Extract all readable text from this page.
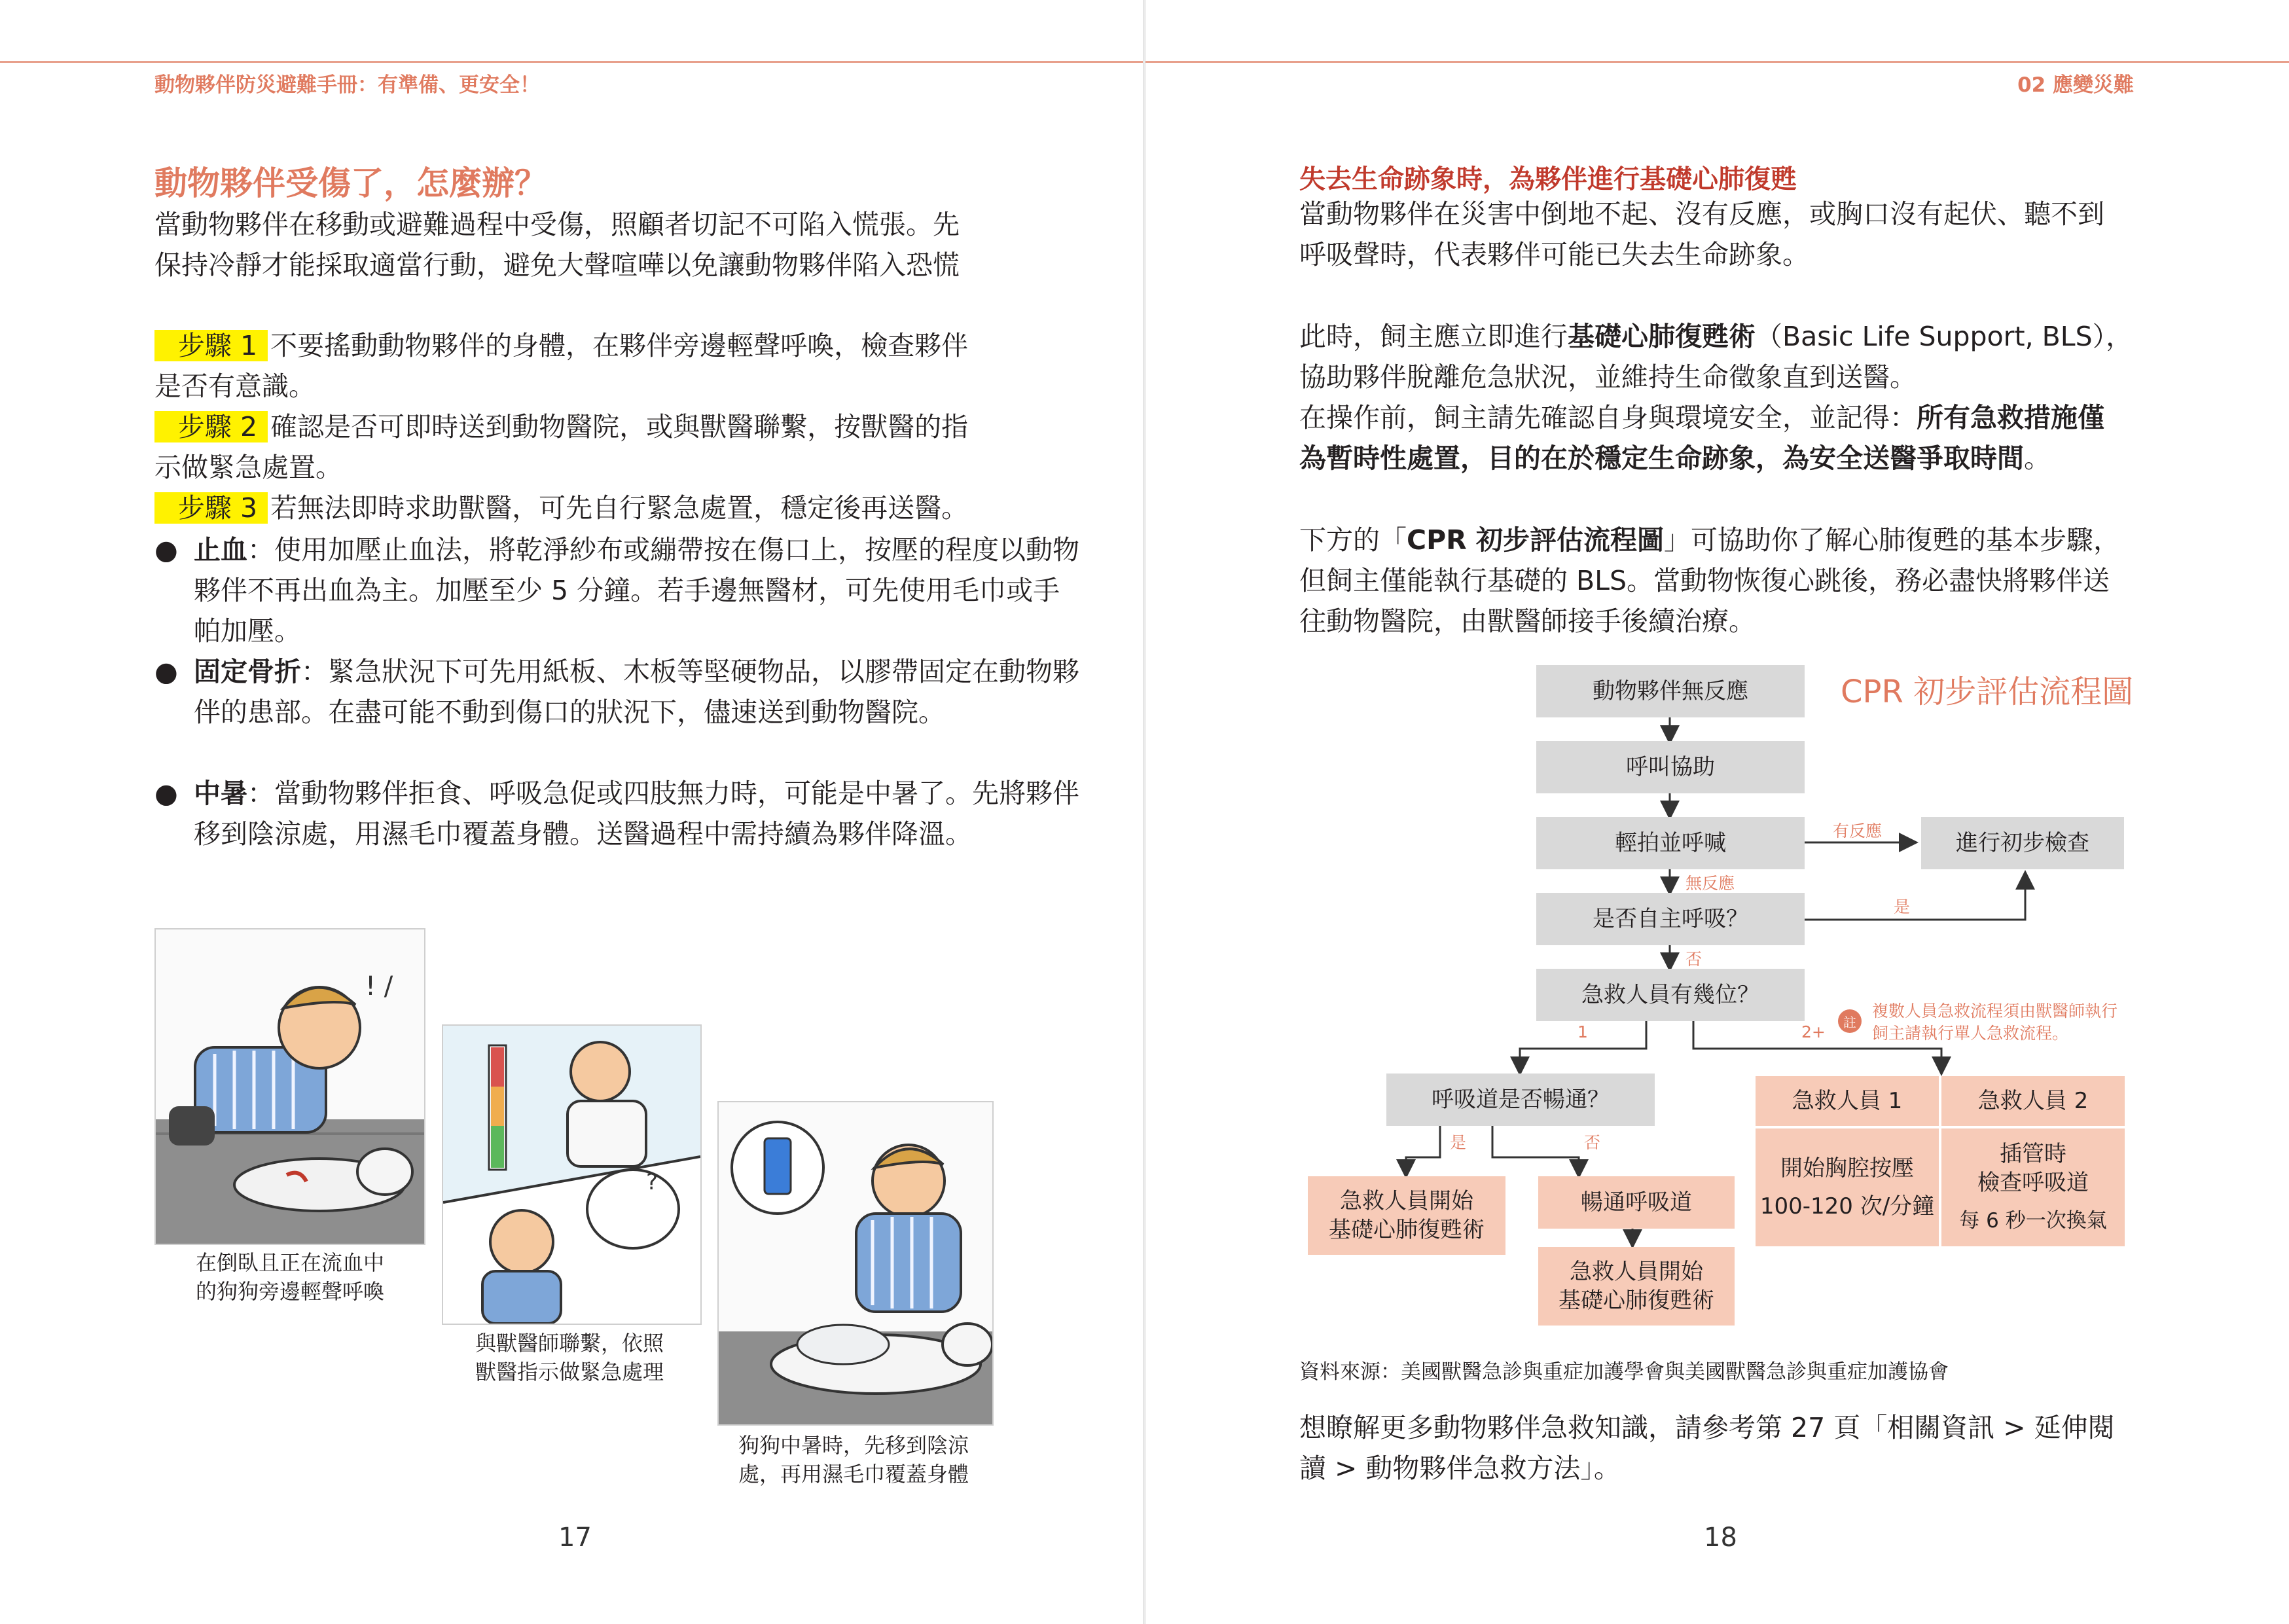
動物夥伴防災避難手冊：有準備、更安全！	02 應變災難
動物夥伴受傷了，怎麼辦？
當動物夥伴在移動或避難過程中受傷，照顧者切記不可陷入慌張。先
保持冷靜才能採取適當行動，避免大聲喧嘩以免讓動物夥伴陷入恐慌
步驟 1 不要搖動動物夥伴的身體，在夥伴旁邊輕聲呼喚，檢查夥伴
是否有意識。
步驟 2 確認是否可即時送到動物醫院，或與獸醫聯繫，按獸醫的指
示做緊急處置。
步驟 3 若無法即時求助獸醫，可先自行緊急處置，穩定後再送醫。
● 止血：使用加壓止血法，將乾淨紗布或繃帶按在傷口上，按壓的程度以動物夥伴不再出血為主。加壓至少 5 分鐘。若手邊無醫材，可先使用毛巾或手帕加壓。
● 固定骨折：緊急狀況下可先用紙板、木板等堅硬物品，以膠帶固定在動物夥伴的患部。在盡可能不動到傷口的狀況下，儘速送到動物醫院。
● 中暑：當動物夥伴拒食、呼吸急促或四肢無力時，可能是中暑了。先將夥伴移到陰涼處，用濕毛巾覆蓋身體。送醫過程中需持續為夥伴降溫。
! /
在倒臥且正在流血中
的狗狗旁邊輕聲呼喚
?
與獸醫師聯繫，依照
獸醫指示做緊急處理
狗狗中暑時，先移到陰涼
處，再用濕毛巾覆蓋身體
17
失去生命跡象時，為夥伴進行基礎心肺復甦
當動物夥伴在災害中倒地不起、沒有反應，或胸口沒有起伏、聽不到
呼吸聲時，代表夥伴可能已失去生命跡象。
此時，飼主應立即進行基礎心肺復甦術（Basic Life Support, BLS），
協助夥伴脫離危急狀況，並維持生命徵象直到送醫。
在操作前，飼主請先確認自身與環境安全，並記得：所有急救措施僅
為暫時性處置，目的在於穩定生命跡象，為安全送醫爭取時間。
下方的「CPR 初步評估流程圖」可協助你了解心肺復甦的基本步驟，
但飼主僅能執行基礎的 BLS。當動物恢復心跳後，務必盡快將夥伴送
往動物醫院，由獸醫師接手後續治療。
CPR 初步評估流程圖
動物夥伴無反應
呼叫協助
輕拍並呼喊	有反應	進行初步檢查
無反應
是否自主呼吸？	是
否
急救人員有幾位？
註
複數人員急救流程須由獸醫師執行
飼主請執行單人急救流程。
1	2+
呼吸道是否暢通？
是	否
急救人員開始
基礎心肺復甦術
暢通呼吸道
急救人員開始
基礎心肺復甦術
急救人員 1	急救人員 2
開始胸腔按壓
100-120 次/分鐘
插管時
檢查呼吸道
每 6 秒一次換氣
資料來源：美國獸醫急診與重症加護學會與美國獸醫急診與重症加護協會
想瞭解更多動物夥伴急救知識，請參考第 27 頁「相關資訊 > 延伸閱
讀 > 動物夥伴急救方法」。
18
